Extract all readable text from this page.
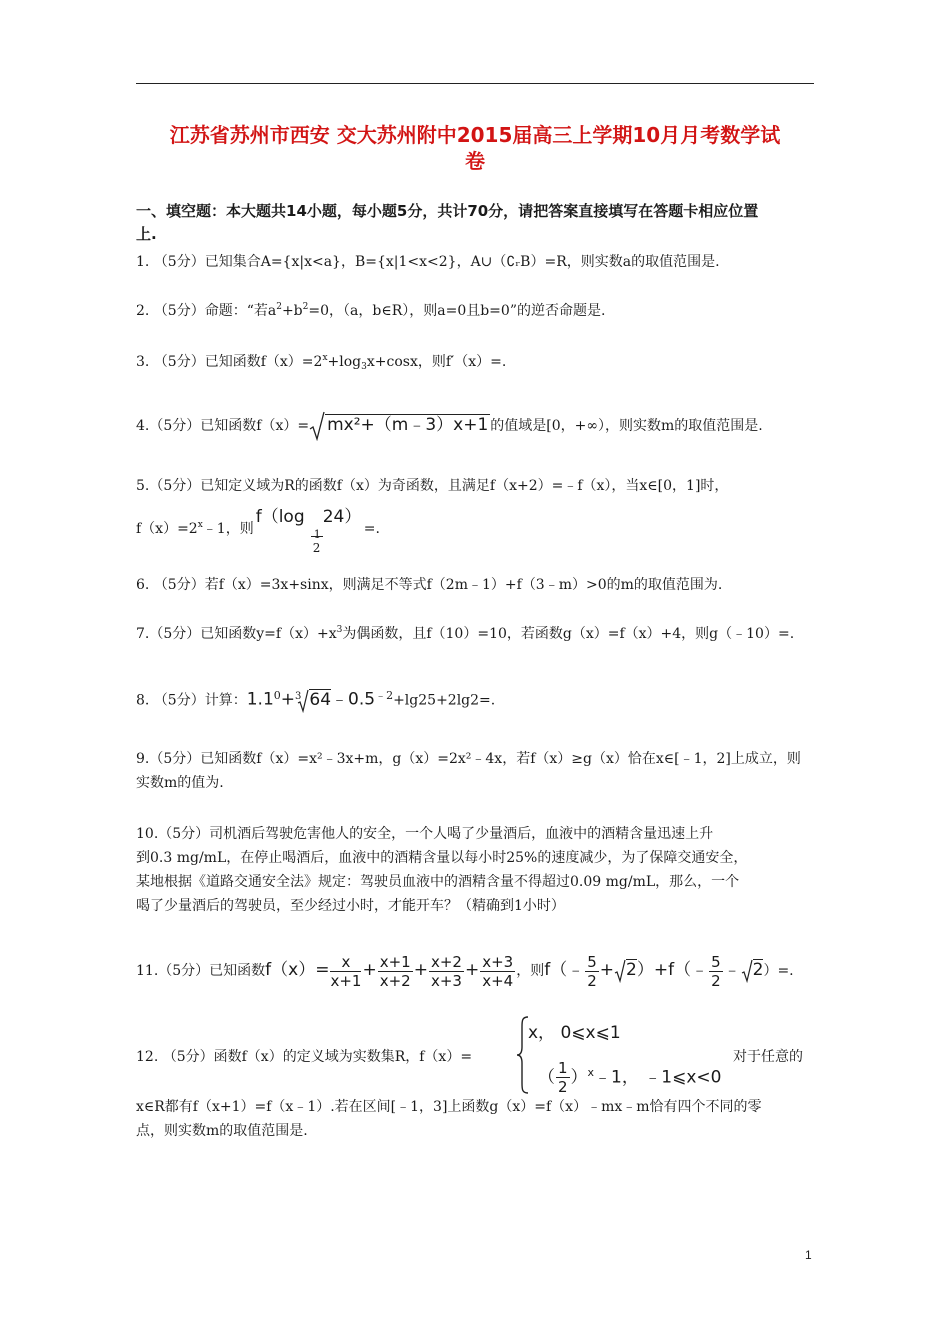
江苏省苏州市西安 交大苏州附中2015届高三上学期10月月考数学试
卷

一、填空题：本大题共14小题，每小题5分，共计70分，请把答案直接填写在答题卡相应位置
上.

1. （5分）已知集合A={x|x<a}，B={x|1<x<2}，A∪（∁ᵣB）=R，则实数a的取值范围是.
2. （5分）命题：“若$a^2+b^2=0$，（a，b∈R），则a=0且b=0”的逆否命题是.
3. （5分）已知函数$f(x)=2^x+\log_3x+\cos x$，则f′（x）=.
4.（5分）已知函数f（x）= mx²+（m﹣3）x+1 的值域是[0，+∞），则实数m的取值范围是.
5.（5分）已知定义域为R的函数f（x）为奇函数，且满足f（x+2）=﹣f（x），当x∈[0，1]时，
$f(x)=2^x﹣1$，则
f（log 24）
1
2
=.
6. （5分）若f（x）=3x+sinx，则满足不等式f（2m﹣1）+f（3﹣m）>0的m的取值范围为.
7.（5分）已知函数$y=f(x)+x^3$为偶函数，且f（10）=10，若函数g（x）=f（x）+4，则g（﹣10）=.
8. （5分）计算：$1.1^0+^3$ $64﹣0.5^{﹣2}+\lg 25+2\lg 2=$.
9.（5分）已知函数f（x）=x²﹣3x+m，g（x）=2x²﹣4x，若f（x）≥g（x）恰在x∈[﹣1，2]上成立，则
实数m的值为.
10.（5分）司机酒后驾驶危害他人的安全，一个人喝了少量酒后，血液中的酒精含量迅速上升
到0.3 mg/mL，在停止喝酒后，血液中的酒精含量以每小时25%的速度减少，为了保障交通安全，
某地根据《道路交通安全法》规定：驾驶员血液中的酒精含量不得超过0.09 mg/mL，那么，一个
喝了少量酒后的驾驶员，至少经过小时，才能开车？（精确到1小时）
11.（5分）已知函数$f(x)= \frac{x}{x+1} + \frac{x+1}{x+2} + \frac{x+2}{x+3} + \frac{x+3}{x+4}$ ，则f（﹣ $\frac{5}{2}$ + 2）+f（﹣ $\frac{5}{2}$ ﹣ 2）=.
12. （5分）函数f（x）的定义域为实数集R，f（x）=
x， 0⩽x⩽1
（ $\frac{1}{2}$ ）$^x$﹣1， ﹣1⩽x<0
对于任意的
x∈R都有f（x+1）=f（x﹣1）.若在区间[﹣1，3]上函数g（x）=f（x）﹣mx﹣m恰有四个不同的零
点，则实数m的取值范围是.
1
